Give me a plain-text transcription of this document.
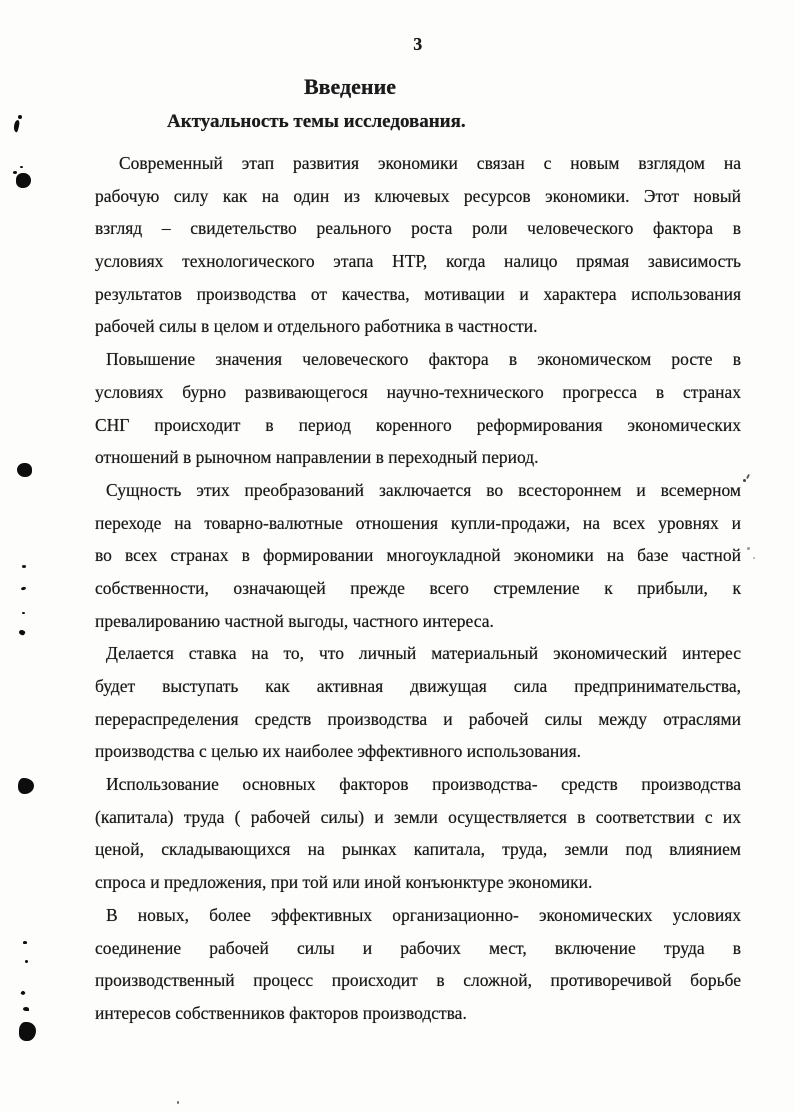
3
Введение
Актуальность темы исследования.
Современный этап развития экономики связан с новым взглядом на
рабочую силу как на один из ключевых ресурсов экономики. Этот новый
взгляд – свидетельство реального роста роли человеческого фактора в
условиях технологического этапа НТР, когда налицо прямая зависимость
результатов производства от качества, мотивации и характера использования
рабочей силы в целом и отдельного работника в частности.
Повышение значения человеческого фактора в экономическом росте в
условиях бурно развивающегося научно-технического прогресса в странах
СНГ происходит в период коренного реформирования экономических
отношений в рыночном направлении в переходный период.
Сущность этих преобразований заключается во всестороннем и всемерном
переходе на товарно-валютные отношения купли-продажи, на всех уровнях и
во всех странах в формировании многоукладной экономики на базе частной
собственности, означающей прежде всего стремление к прибыли, к
превалированию частной выгоды, частного интереса.
Делается ставка на то, что личный материальный экономический интерес
будет выступать как активная движущая сила предпринимательства,
перераспределения средств производства и рабочей силы между отраслями
производства с целью их наиболее эффективного использования.
Использование основных факторов производства- средств производства
(капитала) труда ( рабочей силы) и земли осуществляется в соответствии с их
ценой, складывающихся на рынках капитала, труда, земли под влиянием
спроса и предложения, при той или иной конъюнктуре экономики.
В новых, более эффективных организационно- экономических условиях
соединение рабочей силы и рабочих мест, включение труда в
производственный процесс происходит в сложной, противоречивой борьбе
интересов собственников факторов производства.
